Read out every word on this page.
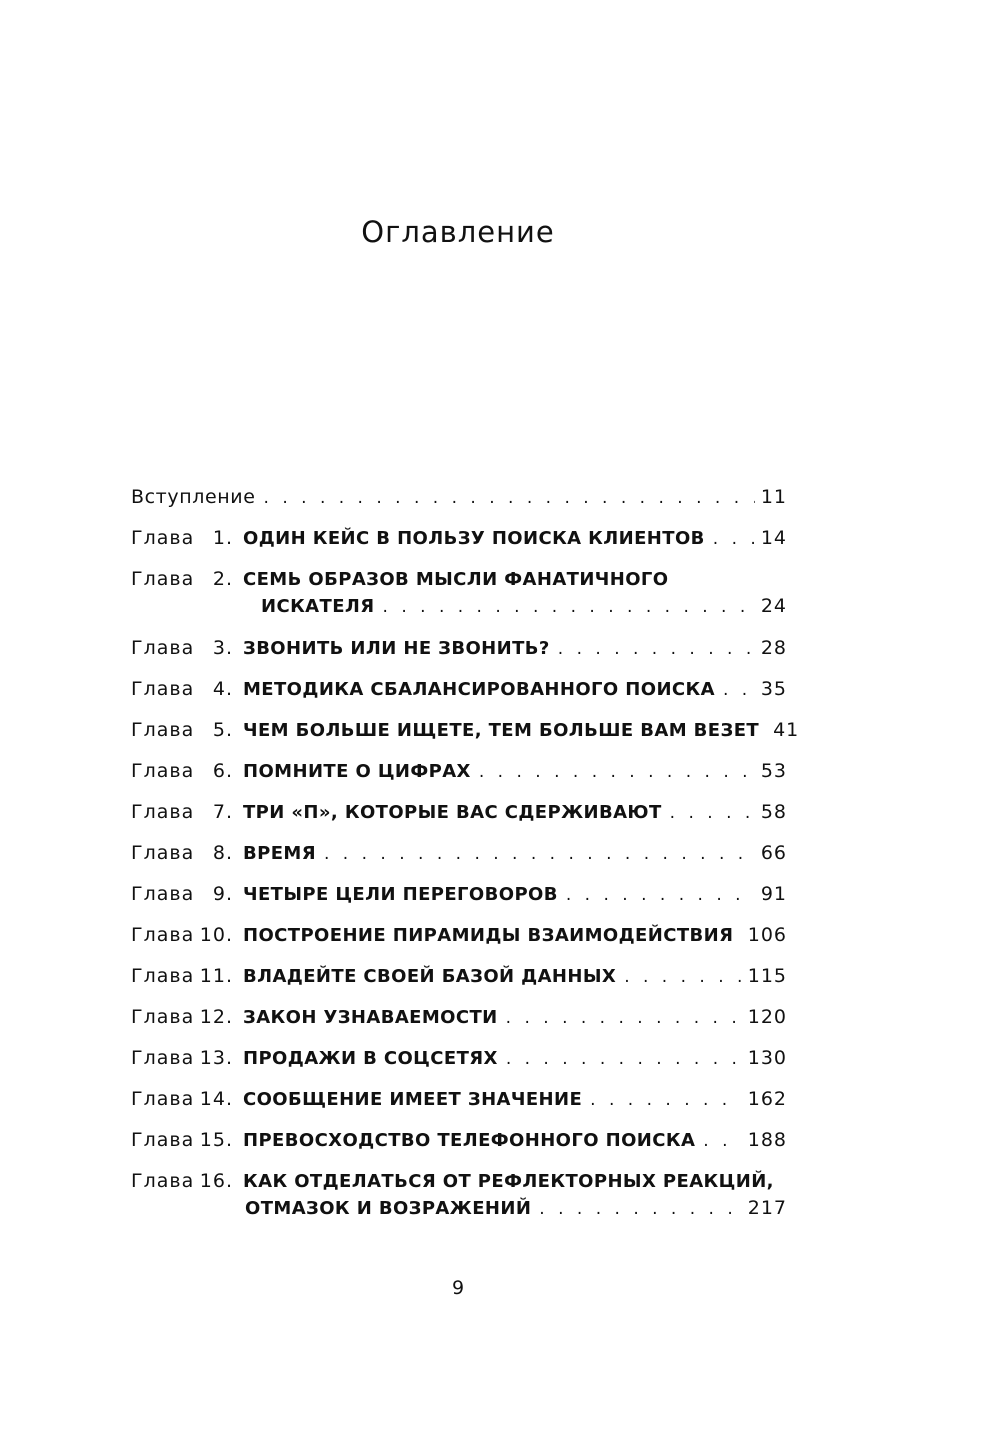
Оглавление
Вступление . . .	11
Глава 1. ОДИН КЕЙС В ПОЛЬЗУ ПОИСКА КЛИЕНТОВ . . .	14
Глава 2. СЕМЬ ОБРАЗОВ МЫСЛИ ФАНАТИЧНОГО
ИСКАТЕЛЯ . . .	24
Глава 3. ЗВОНИТЬ ИЛИ НЕ ЗВОНИТЬ? . . .	28
Глава 4. МЕТОДИКА СБАЛАНСИРОВАННОГО ПОИСКА . . . 35
Глава 5. ЧЕМ БОЛЬШЕ ИЩЕТЕ, ТЕМ БОЛЬШЕ ВАМ ВЕЗЕТ 41
Глава 6. ПОМНИТЕ О ЦИФРАХ . . .	53
Глава 7. ТРИ «П», КОТОРЫЕ ВАС СДЕРЖИВАЮТ . . .	58
Глава 8. ВРЕМЯ . . .	66
Глава 9. ЧЕТЫРЕ ЦЕЛИ ПЕРЕГОВОРОВ . . .	91
Глава 10. ПОСТРОЕНИЕ ПИРАМИДЫ ВЗАИМОДЕЙСТВИЯ . . . 106
Глава 11. ВЛАДЕЙТЕ СВОЕЙ БАЗОЙ ДАННЫХ . . .	115
Глава 12. ЗАКОН УЗНАВАЕМОСТИ . . .	120
Глава 13. ПРОДАЖИ В СОЦСЕТЯХ . . .	130
Глава 14. СООБЩЕНИЕ ИМЕЕТ ЗНАЧЕНИЕ . . .	162
Глава 15. ПРЕВОСХОДСТВО ТЕЛЕФОННОГО ПОИСКА . . .	188
Глава 16. КАК ОТДЕЛАТЬСЯ ОТ РЕФЛЕКТОРНЫХ РЕАКЦИЙ,
ОТМАЗОК И ВОЗРАЖЕНИЙ . . .	217
9
